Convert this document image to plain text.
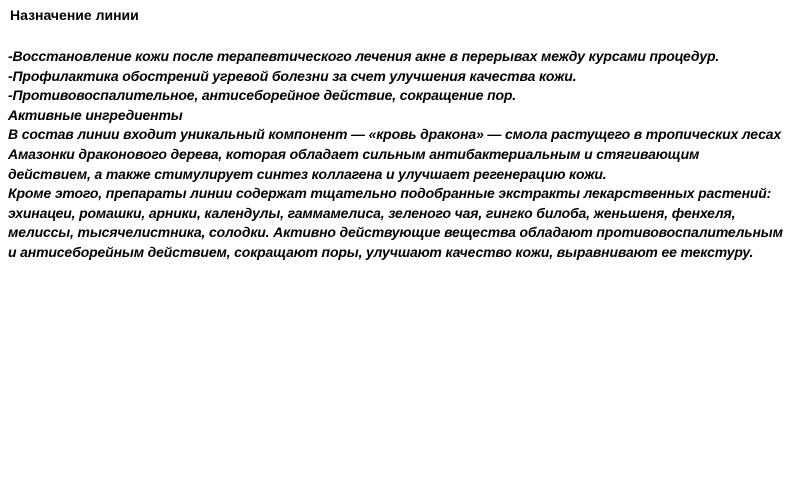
Назначение линии
-Восстановление кожи после терапевтического лечения акне в перерывах между курсами процедур.
-Профилактика обострений угревой болезни за счет улучшения качества кожи.
-Противовоспалительное, антисеборейное действие, сокращение пор.
Активные ингредиенты
В состав линии входит уникальный компонент — «кровь дракона» — смола растущего в тропических лесах
Амазонки драконового дерева, которая обладает сильным антибактериальным и стягивающим
действием, а также стимулирует синтез коллагена и улучшает регенерацию кожи.
Кроме этого, препараты линии содержат тщательно подобранные экстракты лекарственных растений:
эхинацеи, ромашки, арники, календулы, гаммамелиса, зеленого чая, гингко билоба, женьшеня, фенхеля,
мелиссы, тысячелистника, солодки. Активно действующие вещества обладают противовоспалительным
и антисеборейным действием, сокращают поры, улучшают качество кожи, выравнивают ее текстуру.
